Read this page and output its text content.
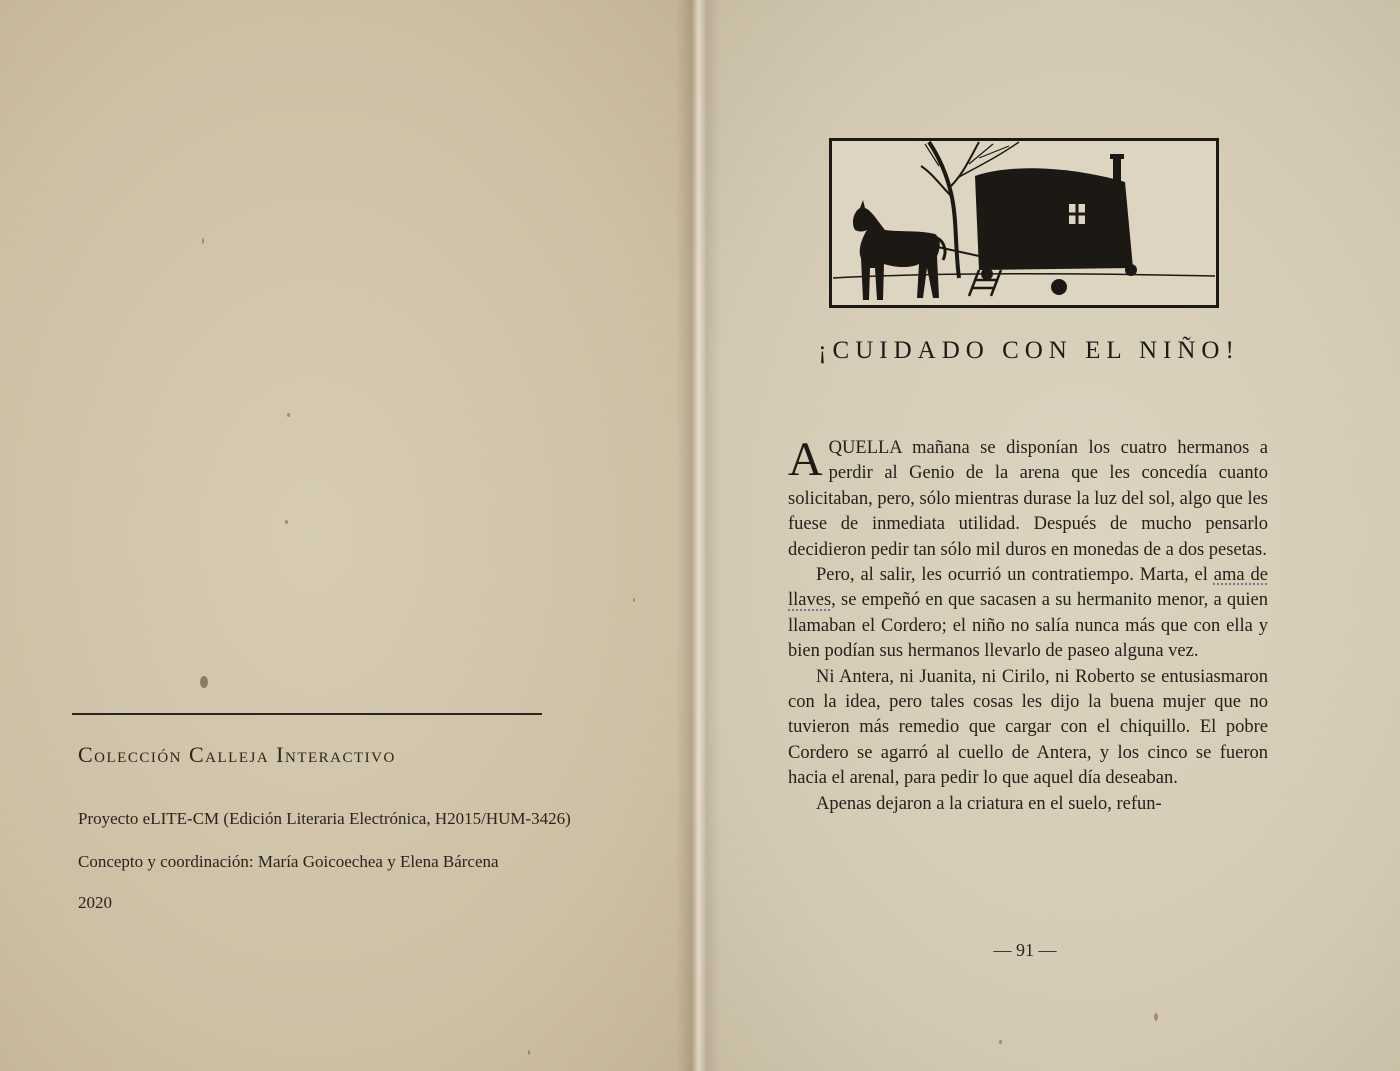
Colección Calleja Interactivo

Proyecto eLITE-CM (Edición Literaria Electrónica, H2015/HUM-3426)

Concepto y coordinación: María Goicoechea y Elena Bárcena

2020

¡CUIDADO CON EL NIÑO!

AQUELLA mañana se disponían los cuatro hermanos a perdir al Genio de la arena que les concedía cuanto solicitaban, pero, sólo mientras durase la luz del sol, algo que les fuese de inmediata utilidad. Después de mucho pensarlo decidieron pedir tan sólo mil duros en monedas de a dos pesetas.

Pero, al salir, les ocurrió un contratiempo. Marta, el ama de llaves, se empeñó en que sacasen a su hermanito menor, a quien llamaban el Cordero; el niño no salía nunca más que con ella y bien podían sus hermanos llevarlo de paseo alguna vez.

Ni Antera, ni Juanita, ni Cirilo, ni Roberto se entusiasmaron con la idea, pero tales cosas les dijo la buena mujer que no tuvieron más remedio que cargar con el chiquillo. El pobre Cordero se agarró al cuello de Antera, y los cinco se fueron hacia el arenal, para pedir lo que aquel día deseaban.

Apenas dejaron a la criatura en el suelo, refun-

— 91 —
